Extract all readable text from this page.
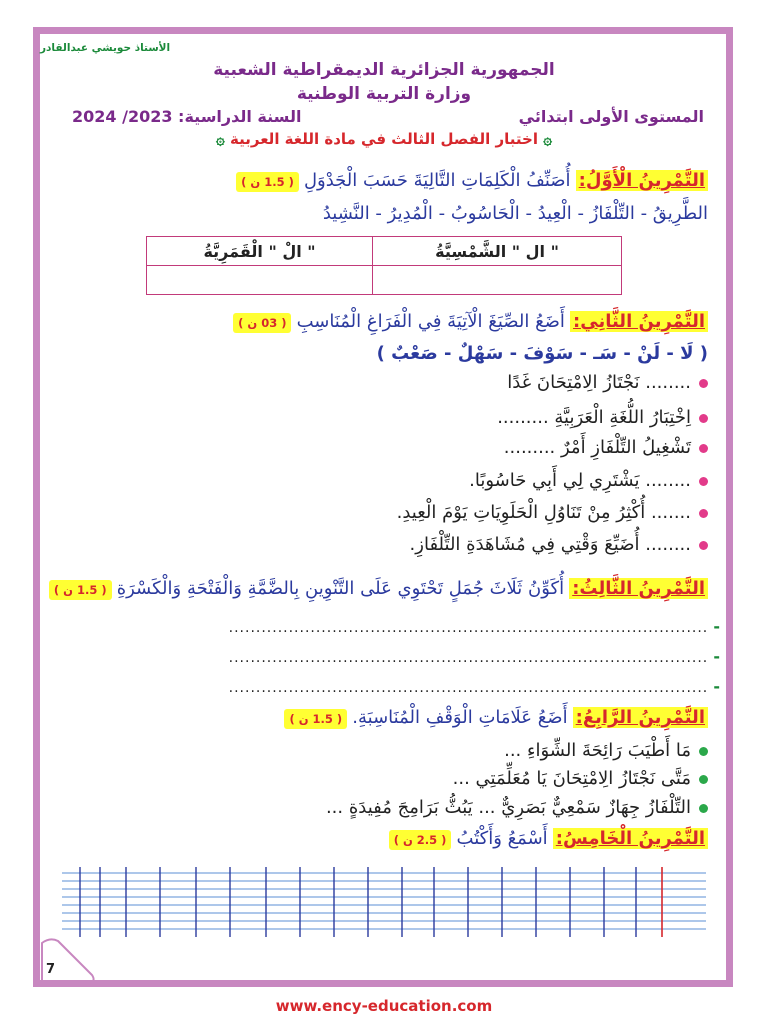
الأستاذ حويشي عبدالقادر
الجمهورية الجزائرية الديمقراطية الشعبية
وزارة التربية الوطنية
المستوى الأولى ابتدائي
السنة الدراسية: 2023/ 2024
۞ اختبار الفصل الثالث في مادة اللغة العربية ۞
التَّمْرِينُ الْأَوَّلُ: أُصَنِّفُ الْكَلِمَاتِ التَّالِيَةَ حَسَبَ الْجَدْوَلِ ( 1.5 ن )
الطَّرِيقُ - التِّلْفَازُ - الْعِيدُ - الْحَاسُوبُ - الْمُدِيرُ - النَّشِيدُ
" ال " الشَّمْسِيَّةُ	" الْ " الْقَمَرِيَّةُ

التَّمْرِينُ الثَّانِي: أَضَعُ الصِّيَغَ الْآتِيَةَ فِي الْفَرَاغِ الْمُنَاسِبِ ( 03 ن )
( لَا - لَنْ - سَـ - سَوْفَ - سَهْلٌ - صَعْبٌ )
........ نَجْتَازُ الِامْتِحَانَ غَدًا
اِخْتِبَارُ اللُّغَةِ الْعَرَبِيَّةِ .........
تَشْغِيلُ التِّلْفَازِ أَمْرٌ .........
........ يَشْتَرِي لِي أَبِي حَاسُوبًا.
....... أُكْثِرُ مِنْ تَنَاوُلِ الْحَلَوِيَاتِ يَوْمَ الْعِيدِ.
........ أُضَيِّعَ وَقْتِي فِي مُشَاهَدَةِ التِّلْفَازِ.
التَّمْرِينُ الثَّالِثُ: أُكَوِّنُ ثَلَاثَ جُمَلٍ تَحْتَوِي عَلَى التَّنْوِينِ بِالضَّمَّةِ وَالْفَتْحَةِ وَالْكَسْرَةِ ( 1.5 ن )
- ........................................................................................
- ........................................................................................
- ........................................................................................
التَّمْرِينُ الرَّابِعُ: أَضَعُ عَلَامَاتِ الْوَقْفِ الْمُنَاسِبَةِ. ( 1.5 ن )
مَا أَطْيَبَ رَائِحَةَ الشِّوَاءِ ...
مَتَّى نَجْتَازُ الِامْتِحَانَ يَا مُعَلِّمَتِي ...
التِّلْفَازُ جِهَازٌ سَمْعِيٌّ بَصَرِيٌّ ... يَبُثُّ بَرَامِجَ مُفِيدَةٍ ...
التَّمْرِينُ الْخَامِسُ: أَسْمَعُ وَأَكْتُبُ ( 2.5 ن )
7
www.ency-education.com
